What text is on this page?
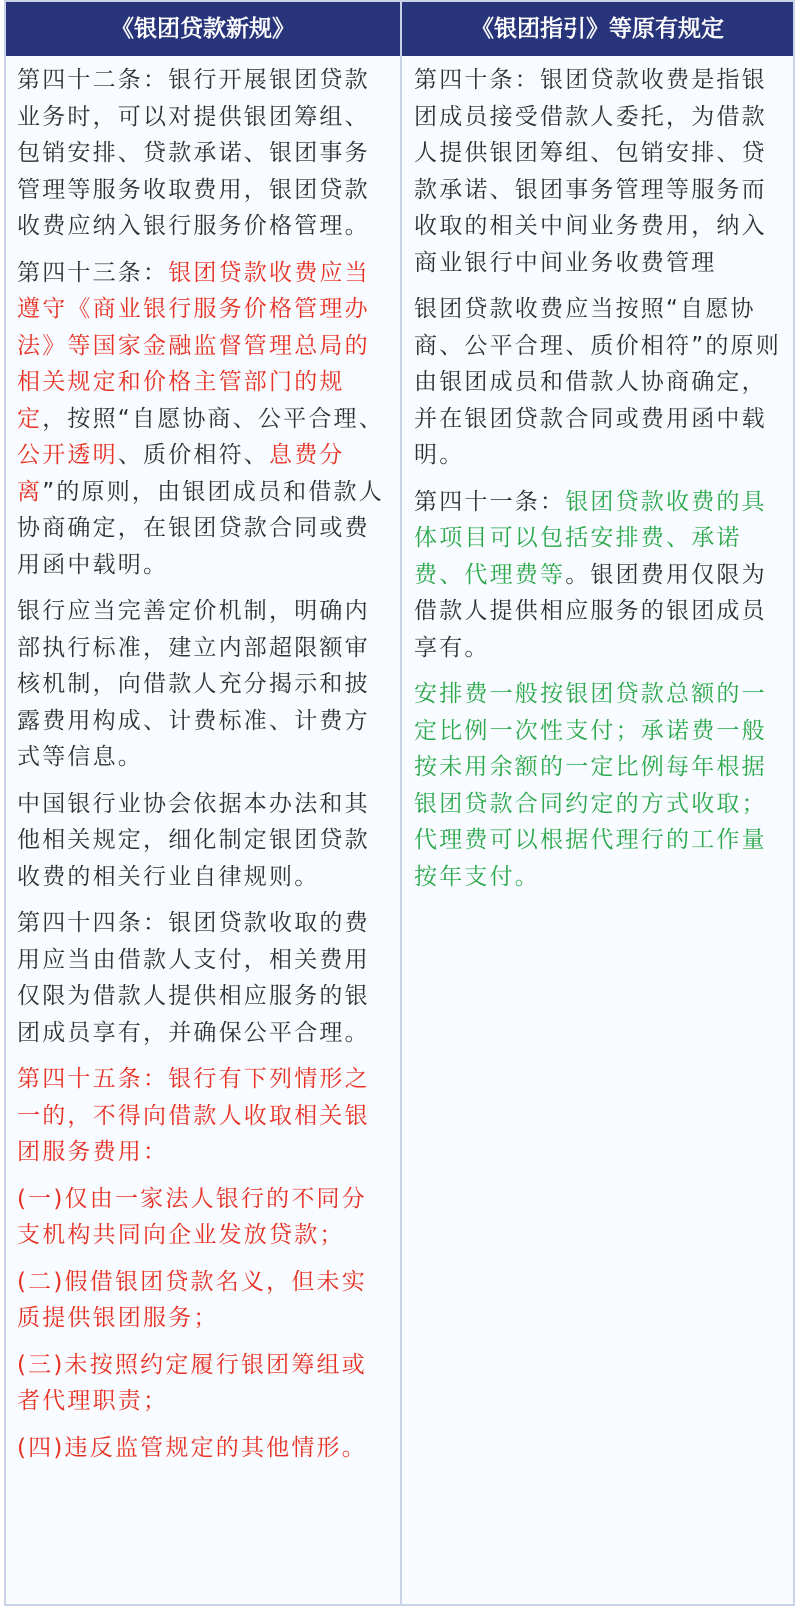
《银团贷款新规》	《银团指引》等原有规定

第四十二条：银行开展银团贷款业务时，可以对提供银团筹组、包销安排、贷款承诺、银团事务管理等服务收取费用，银团贷款收费应纳入银行服务价格管理。

第四十三条：银团贷款收费应当遵守《商业银行服务价格管理办法》等国家金融监督管理总局的相关规定和价格主管部门的规定，按照“自愿协商、公平合理、公开透明、质价相符、息费分离”的原则，由银团成员和借款人协商确定，在银团贷款合同或费用函中载明。

银行应当完善定价机制，明确内部执行标准，建立内部超限额审核机制，向借款人充分揭示和披露费用构成、计费标准、计费方式等信息。

中国银行业协会依据本办法和其他相关规定，细化制定银团贷款收费的相关行业自律规则。

第四十四条：银团贷款收取的费用应当由借款人支付，相关费用仅限为借款人提供相应服务的银团成员享有，并确保公平合理。

第四十五条：银行有下列情形之一的，不得向借款人收取相关银团服务费用：

(一)仅由一家法人银行的不同分支机构共同向企业发放贷款；

(二)假借银团贷款名义，但未实质提供银团服务；

(三)未按照约定履行银团筹组或者代理职责；

(四)违反监管规定的其他情形。

第四十条：银团贷款收费是指银团成员接受借款人委托，为借款人提供银团筹组、包销安排、贷款承诺、银团事务管理等服务而收取的相关中间业务费用，纳入商业银行中间业务收费管理

银团贷款收费应当按照“自愿协商、公平合理、质价相符”的原则由银团成员和借款人协商确定，并在银团贷款合同或费用函中载明。

第四十一条：银团贷款收费的具体项目可以包括安排费、承诺费、代理费等。银团费用仅限为借款人提供相应服务的银团成员享有。

安排费一般按银团贷款总额的一定比例一次性支付；承诺费一般按未用余额的一定比例每年根据银团贷款合同约定的方式收取；代理费可以根据代理行的工作量按年支付。
